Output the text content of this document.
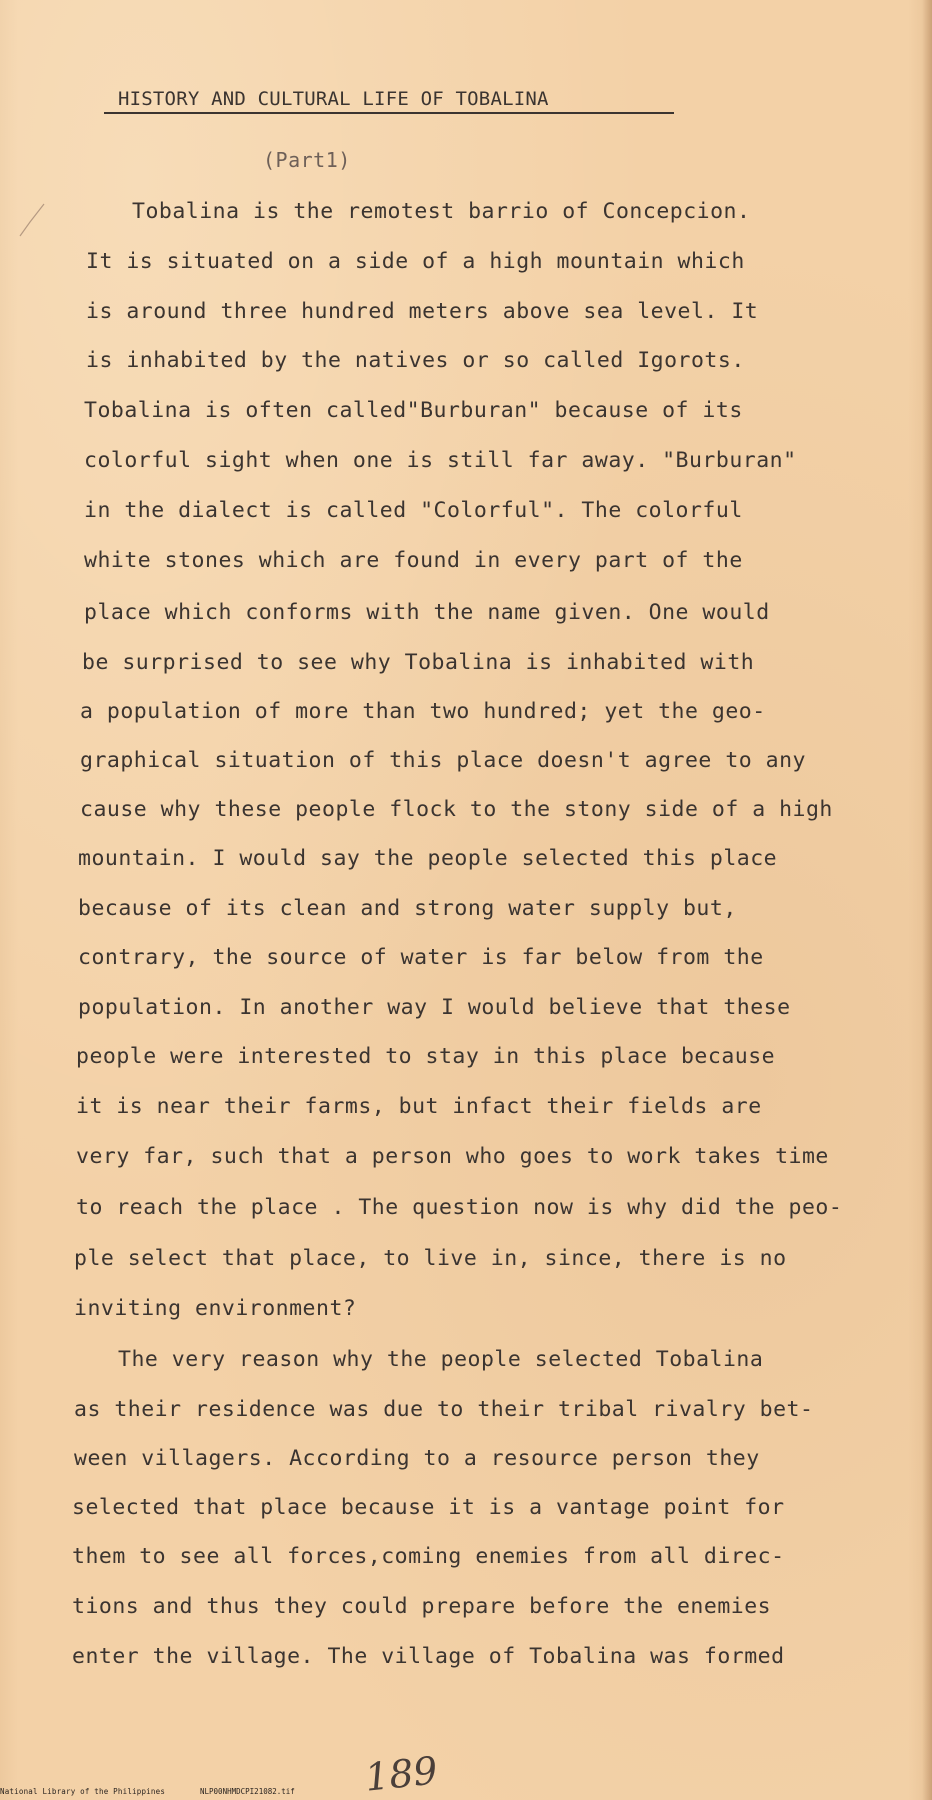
HISTORY AND CULTURAL LIFE OF TOBALINA
(Part1)
Tobalina is the remotest barrio of Concepcion.
It is situated on a side of a high mountain which
is around three hundred meters above sea level. It
is inhabited by the natives or so called Igorots.
Tobalina is often called"Burburan" because of its
colorful sight when one is still far away. "Burburan"
in the dialect is called "Colorful". The colorful
white stones which are found in every part of the
place which conforms with the name given. One would
be surprised to see why Tobalina is inhabited with
a population of more than two hundred; yet the geo-
graphical situation of this place doesn't agree to any
cause why these people flock to the stony side of a high
mountain. I would say the people selected this place
because of its clean and strong water supply but,
contrary, the source of water is far below from the
population. In another way I would believe that these
people were interested to stay in this place because
it is near their farms, but infact their fields are
very far, such that a person who goes to work takes time
to reach the place . The question now is why did the peo-
ple select that place, to live in, since, there is no
inviting environment?
The very reason why the people selected Tobalina
as their residence was due to their tribal rivalry bet-
ween villagers. According to a resource person they
selected that place because it is a vantage point for
them to see all forces,coming enemies from all direc-
tions and thus they could prepare before the enemies
enter the village. The village of Tobalina was formed
189
National Library of the Philippines	NLP00NHMDCPI21082.tif
